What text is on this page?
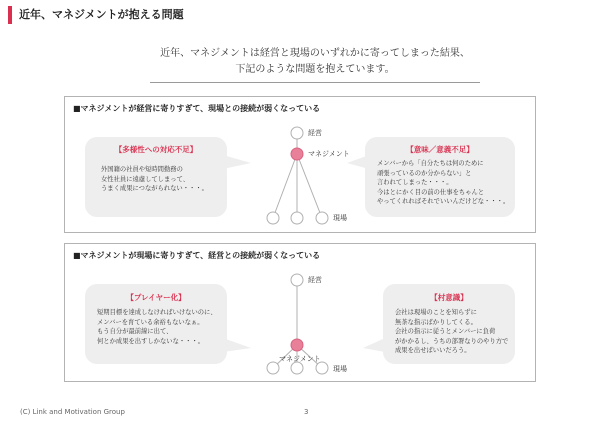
近年、マネジメントが抱える問題
近年、マネジメントは経営と現場のいずれかに寄ってしまった結果、
下記のような問題を抱えています。
■マネジメントが経営に寄りすぎて、現場との接続が弱くなっている
経営
マネジメント
現場
【多様性への対応不足】
外国籍の社員や短時間勤務の
女性社員に遠慮してしまって、
うまく成果につながられない・・・。
【意味／意義不足】
メンバーから「自分たちは何のために
頑張っているのか分からない」と
言われてしまった・・・。
今はとにかく目の前の仕事をちゃんと
やってくれればそれでいいんだけどな・・・。
■マネジメントが現場に寄りすぎて、経営との接続が弱くなっている
経営
マネジメント
現場
【プレイヤー化】
短期目標を達成しなければいけないのに、
メンバーを育ている余裕もないなぁ。
もう自分が最前線に出て、
何とか成果を出すしかないな・・・。
【村意識】
会社は現場のことを知らずに
無茶な指示ばかりしてくる。
会社の指示に従うとメンバーに負荷
がかかるし、うちの部署なりのやり方で
成果を出せばいいだろう。
(C) Link and Motivation Group	3
